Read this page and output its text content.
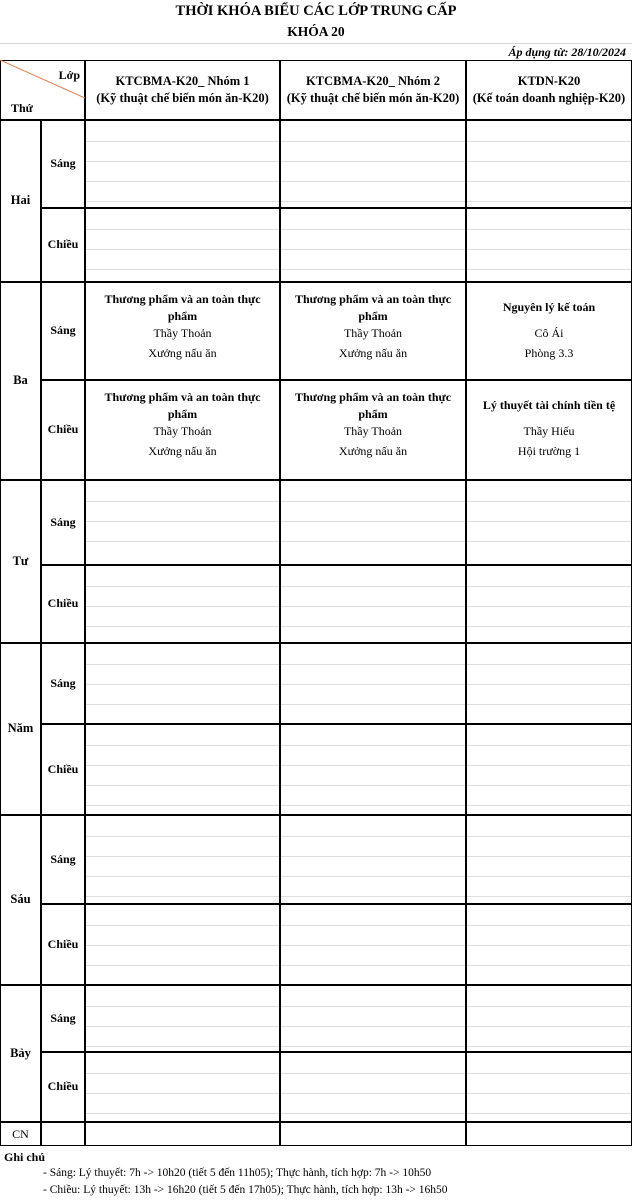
THỜI KHÓA BIỂU CÁC LỚP TRUNG CẤP
KHÓA 20
Áp dụng từ: 28/10/2024
Lớp
Thứ
KTCBMA-K20_ Nhóm 1
(Kỹ thuật chế biến món ăn-K20)
KTCBMA-K20_ Nhóm 2
(Kỹ thuật chế biến món ăn-K20)
KTDN-K20
(Kế toán doanh nghiệp-K20)
Hai
Sáng
Chiều
Ba
Sáng
Thương phẩm và an toàn thực
phẩm
Thầy Thoản
Xưởng nấu ăn
Thương phẩm và an toàn thực
phẩm
Thầy Thoản
Xưởng nấu ăn
Nguyên lý kế toán
Cô Ái
Phòng 3.3
Chiều
Thương phẩm và an toàn thực
phẩm
Thầy Thoản
Xưởng nấu ăn
Thương phẩm và an toàn thực
phẩm
Thầy Thoản
Xưởng nấu ăn
Lý thuyết tài chính tiền tệ
Thầy Hiếu
Hội trường 1
Tư
Sáng
Chiều
Năm
Sáng
Chiều
Sáu
Sáng
Chiều
Bảy
Sáng
Chiều
CN
Ghi chú
- Sáng: Lý thuyết: 7h -> 10h20 (tiết 5 đến 11h05); Thực hành, tích hợp: 7h -> 10h50
- Chiều: Lý thuyết: 13h -> 16h20 (tiết 5 đến 17h05); Thực hành, tích hợp: 13h -> 16h50
